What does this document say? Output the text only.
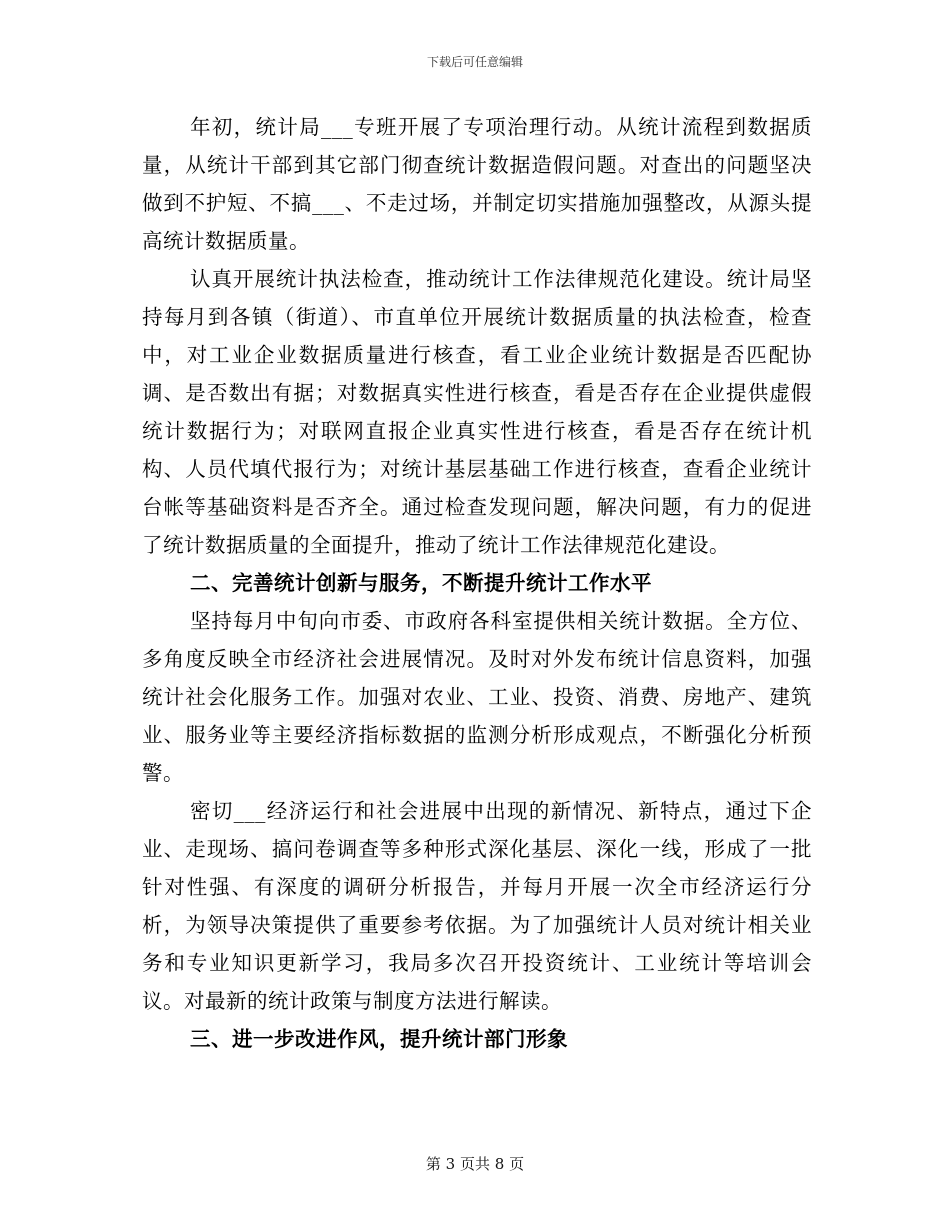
下载后可任意编辑

年初，统计局___专班开展了专项治理行动。从统计流程到数据质量，从统计干部到其它部门彻查统计数据造假问题。对查出的问题坚决做到不护短、不搞___、不走过场，并制定切实措施加强整改，从源头提高统计数据质量。

认真开展统计执法检查，推动统计工作法律规范化建设。统计局坚持每月到各镇（街道）、市直单位开展统计数据质量的执法检查，检查中，对工业企业数据质量进行核查，看工业企业统计数据是否匹配协调、是否数出有据；对数据真实性进行核查，看是否存在企业提供虚假统计数据行为；对联网直报企业真实性进行核查，看是否存在统计机构、人员代填代报行为；对统计基层基础工作进行核查，查看企业统计台帐等基础资料是否齐全。通过检查发现问题，解决问题，有力的促进了统计数据质量的全面提升，推动了统计工作法律规范化建设。

二、完善统计创新与服务，不断提升统计工作水平

坚持每月中旬向市委、市政府各科室提供相关统计数据。全方位、多角度反映全市经济社会进展情况。及时对外发布统计信息资料，加强统计社会化服务工作。加强对农业、工业、投资、消费、房地产、建筑业、服务业等主要经济指标数据的监测分析形成观点，不断强化分析预警。

密切___经济运行和社会进展中出现的新情况、新特点，通过下企业、走现场、搞问卷调查等多种形式深化基层、深化一线，形成了一批针对性强、有深度的调研分析报告，并每月开展一次全市经济运行分析，为领导决策提供了重要参考依据。为了加强统计人员对统计相关业务和专业知识更新学习，我局多次召开投资统计、工业统计等培训会议。对最新的统计政策与制度方法进行解读。

三、进一步改进作风，提升统计部门形象

第 3 页共 8 页
